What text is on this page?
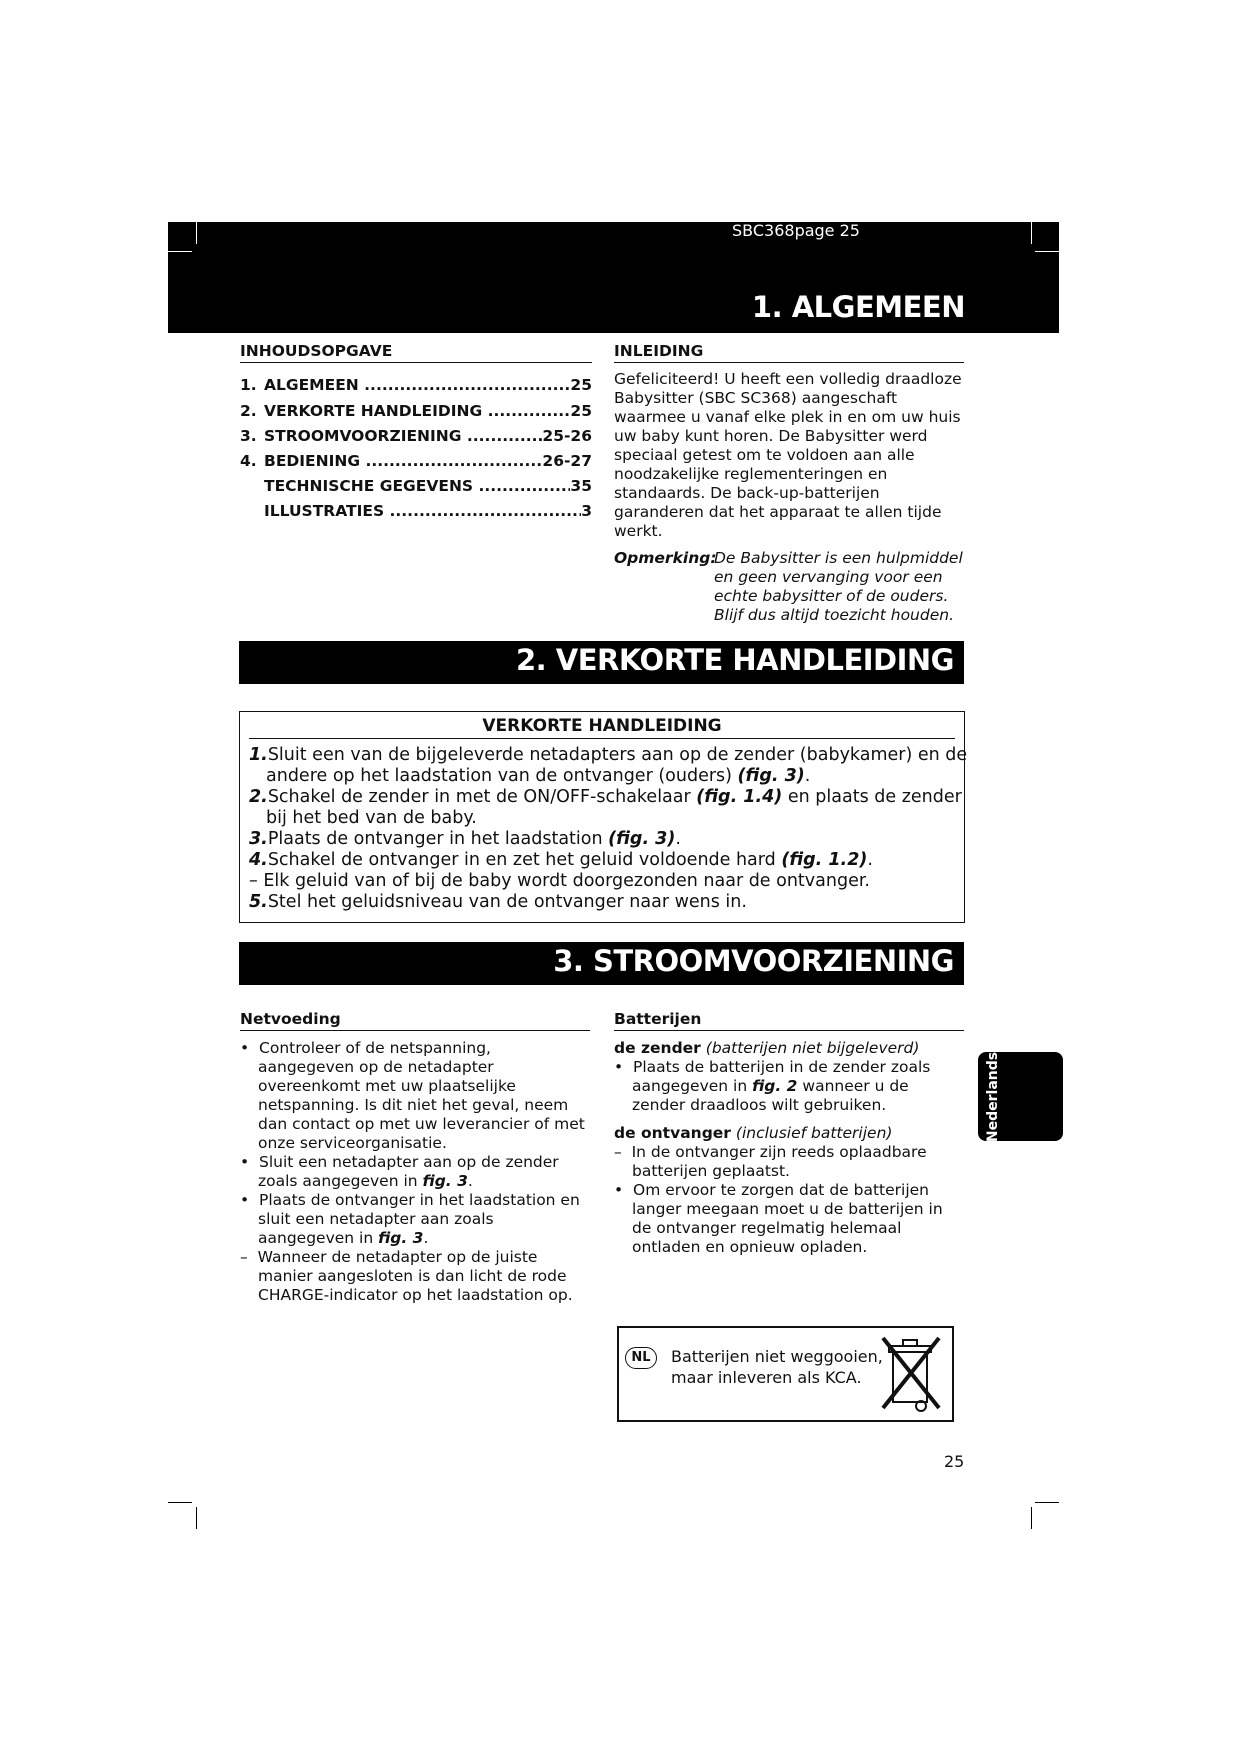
1. ALGEMEEN
SBC368page 25
INHOUDSOPGAVE
1. ALGEMEEN .....	25
2. VERKORTE HANDLEIDING .....	25
3. STROOMVOORZIENING .....	25-26
4. BEDIENING .....	26-27
TECHNISCHE GEGEVENS .....	35
ILLUSTRATIES .....	3
INLEIDING

Gefeliciteerd! U heeft een volledig draadloze Babysitter (SBC SC368) aangeschaft waarmee u vanaf elke plek in en om uw huis uw baby kunt horen. De Babysitter werd speciaal getest om te voldoen aan alle noodzakelijke reglementeringen en standaards. De back-up-batterijen garanderen dat het apparaat te allen tijde werkt.

Opmerking:
De Babysitter is een hulpmiddel en geen vervanging voor een echte babysitter of de ouders. Blijf dus altijd toezicht houden.
2. VERKORTE HANDLEIDING
VERKORTE HANDLEIDING
1.Sluit een van de bijgeleverde netadapters aan op de zender (babykamer) en de andere op het laadstation van de ontvanger (ouders) (fig. 3).
2.Schakel de zender in met de ON/OFF-schakelaar (fig. 1.4) en plaats de zender bij het bed van de baby.
3.Plaats de ontvanger in het laadstation (fig. 3).
4.Schakel de ontvanger in en zet het geluid voldoende hard (fig. 1.2).
– Elk geluid van of bij de baby wordt doorgezonden naar de ontvanger.
5.Stel het geluidsniveau van de ontvanger naar wens in.
3. STROOMVOORZIENING
Netvoeding
• Controleer of de netspanning, aangegeven op de netadapter overeenkomt met uw plaatselijke netspanning. Is dit niet het geval, neem dan contact op met uw leverancier of met onze serviceorganisatie.
• Sluit een netadapter aan op de zender zoals aangegeven in fig. 3.
• Plaats de ontvanger in het laadstation en sluit een netadapter aan zoals aangegeven in fig. 3.
– Wanneer de netadapter op de juiste manier aangesloten is dan licht de rode CHARGE-indicator op het laadstation op.
Batterijen
de zender (batterijen niet bijgeleverd)
•  Plaats de batterijen in de zender zoals aangegeven in fig. 2 wanneer u de zender draadloos wilt gebruiken.
de ontvanger (inclusief batterijen)
– In de ontvanger zijn reeds oplaadbare batterijen geplaatst.
• Om ervoor te zorgen dat de batterijen langer meegaan moet u de batterijen in de ontvanger regelmatig helemaal ontladen en opnieuw opladen.
Nederlands
NL	Batterijen niet weggooien,
maar inleveren als KCA.
25
